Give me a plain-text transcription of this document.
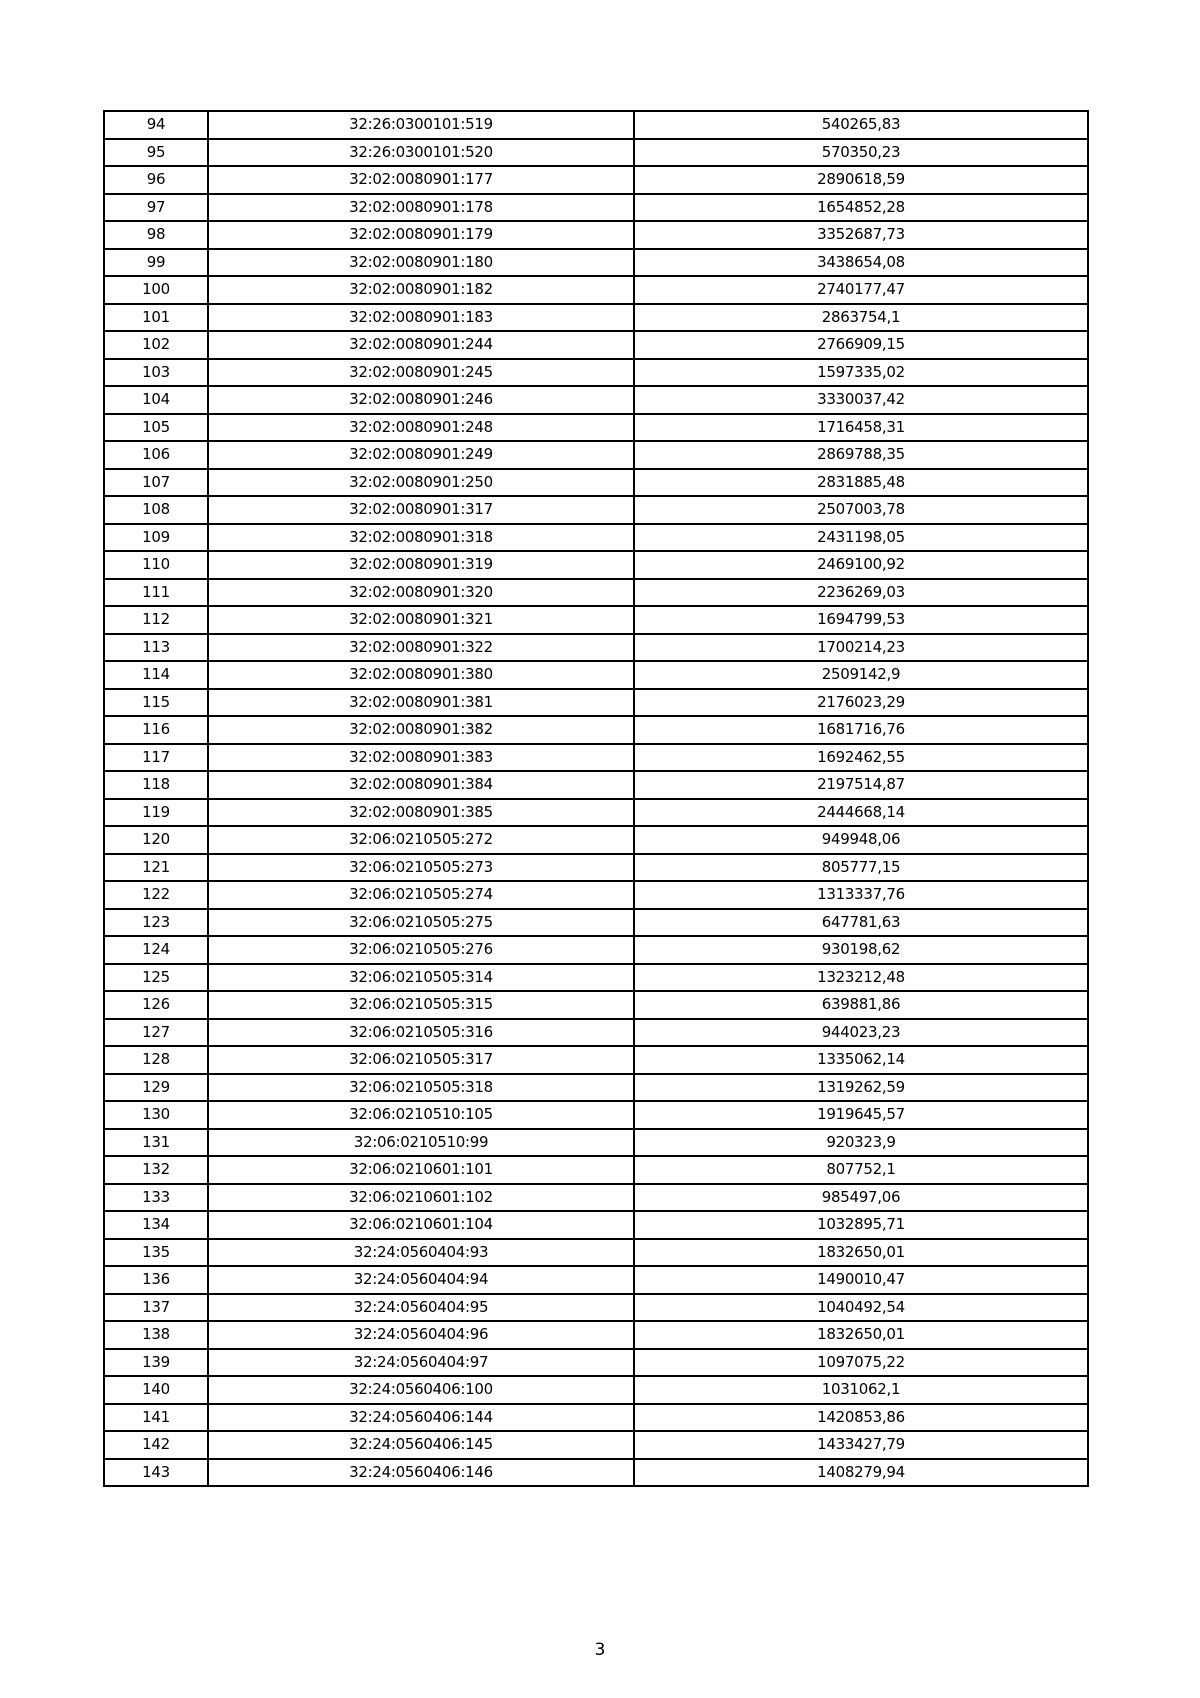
94	32:26:0300101:519	540265,83
95	32:26:0300101:520	570350,23
96	32:02:0080901:177	2890618,59
97	32:02:0080901:178	1654852,28
98	32:02:0080901:179	3352687,73
99	32:02:0080901:180	3438654,08
100	32:02:0080901:182	2740177,47
101	32:02:0080901:183	2863754,1
102	32:02:0080901:244	2766909,15
103	32:02:0080901:245	1597335,02
104	32:02:0080901:246	3330037,42
105	32:02:0080901:248	1716458,31
106	32:02:0080901:249	2869788,35
107	32:02:0080901:250	2831885,48
108	32:02:0080901:317	2507003,78
109	32:02:0080901:318	2431198,05
110	32:02:0080901:319	2469100,92
111	32:02:0080901:320	2236269,03
112	32:02:0080901:321	1694799,53
113	32:02:0080901:322	1700214,23
114	32:02:0080901:380	2509142,9
115	32:02:0080901:381	2176023,29
116	32:02:0080901:382	1681716,76
117	32:02:0080901:383	1692462,55
118	32:02:0080901:384	2197514,87
119	32:02:0080901:385	2444668,14
120	32:06:0210505:272	949948,06
121	32:06:0210505:273	805777,15
122	32:06:0210505:274	1313337,76
123	32:06:0210505:275	647781,63
124	32:06:0210505:276	930198,62
125	32:06:0210505:314	1323212,48
126	32:06:0210505:315	639881,86
127	32:06:0210505:316	944023,23
128	32:06:0210505:317	1335062,14
129	32:06:0210505:318	1319262,59
130	32:06:0210510:105	1919645,57
131	32:06:0210510:99	920323,9
132	32:06:0210601:101	807752,1
133	32:06:0210601:102	985497,06
134	32:06:0210601:104	1032895,71
135	32:24:0560404:93	1832650,01
136	32:24:0560404:94	1490010,47
137	32:24:0560404:95	1040492,54
138	32:24:0560404:96	1832650,01
139	32:24:0560404:97	1097075,22
140	32:24:0560406:100	1031062,1
141	32:24:0560406:144	1420853,86
142	32:24:0560406:145	1433427,79
143	32:24:0560406:146	1408279,94
3
